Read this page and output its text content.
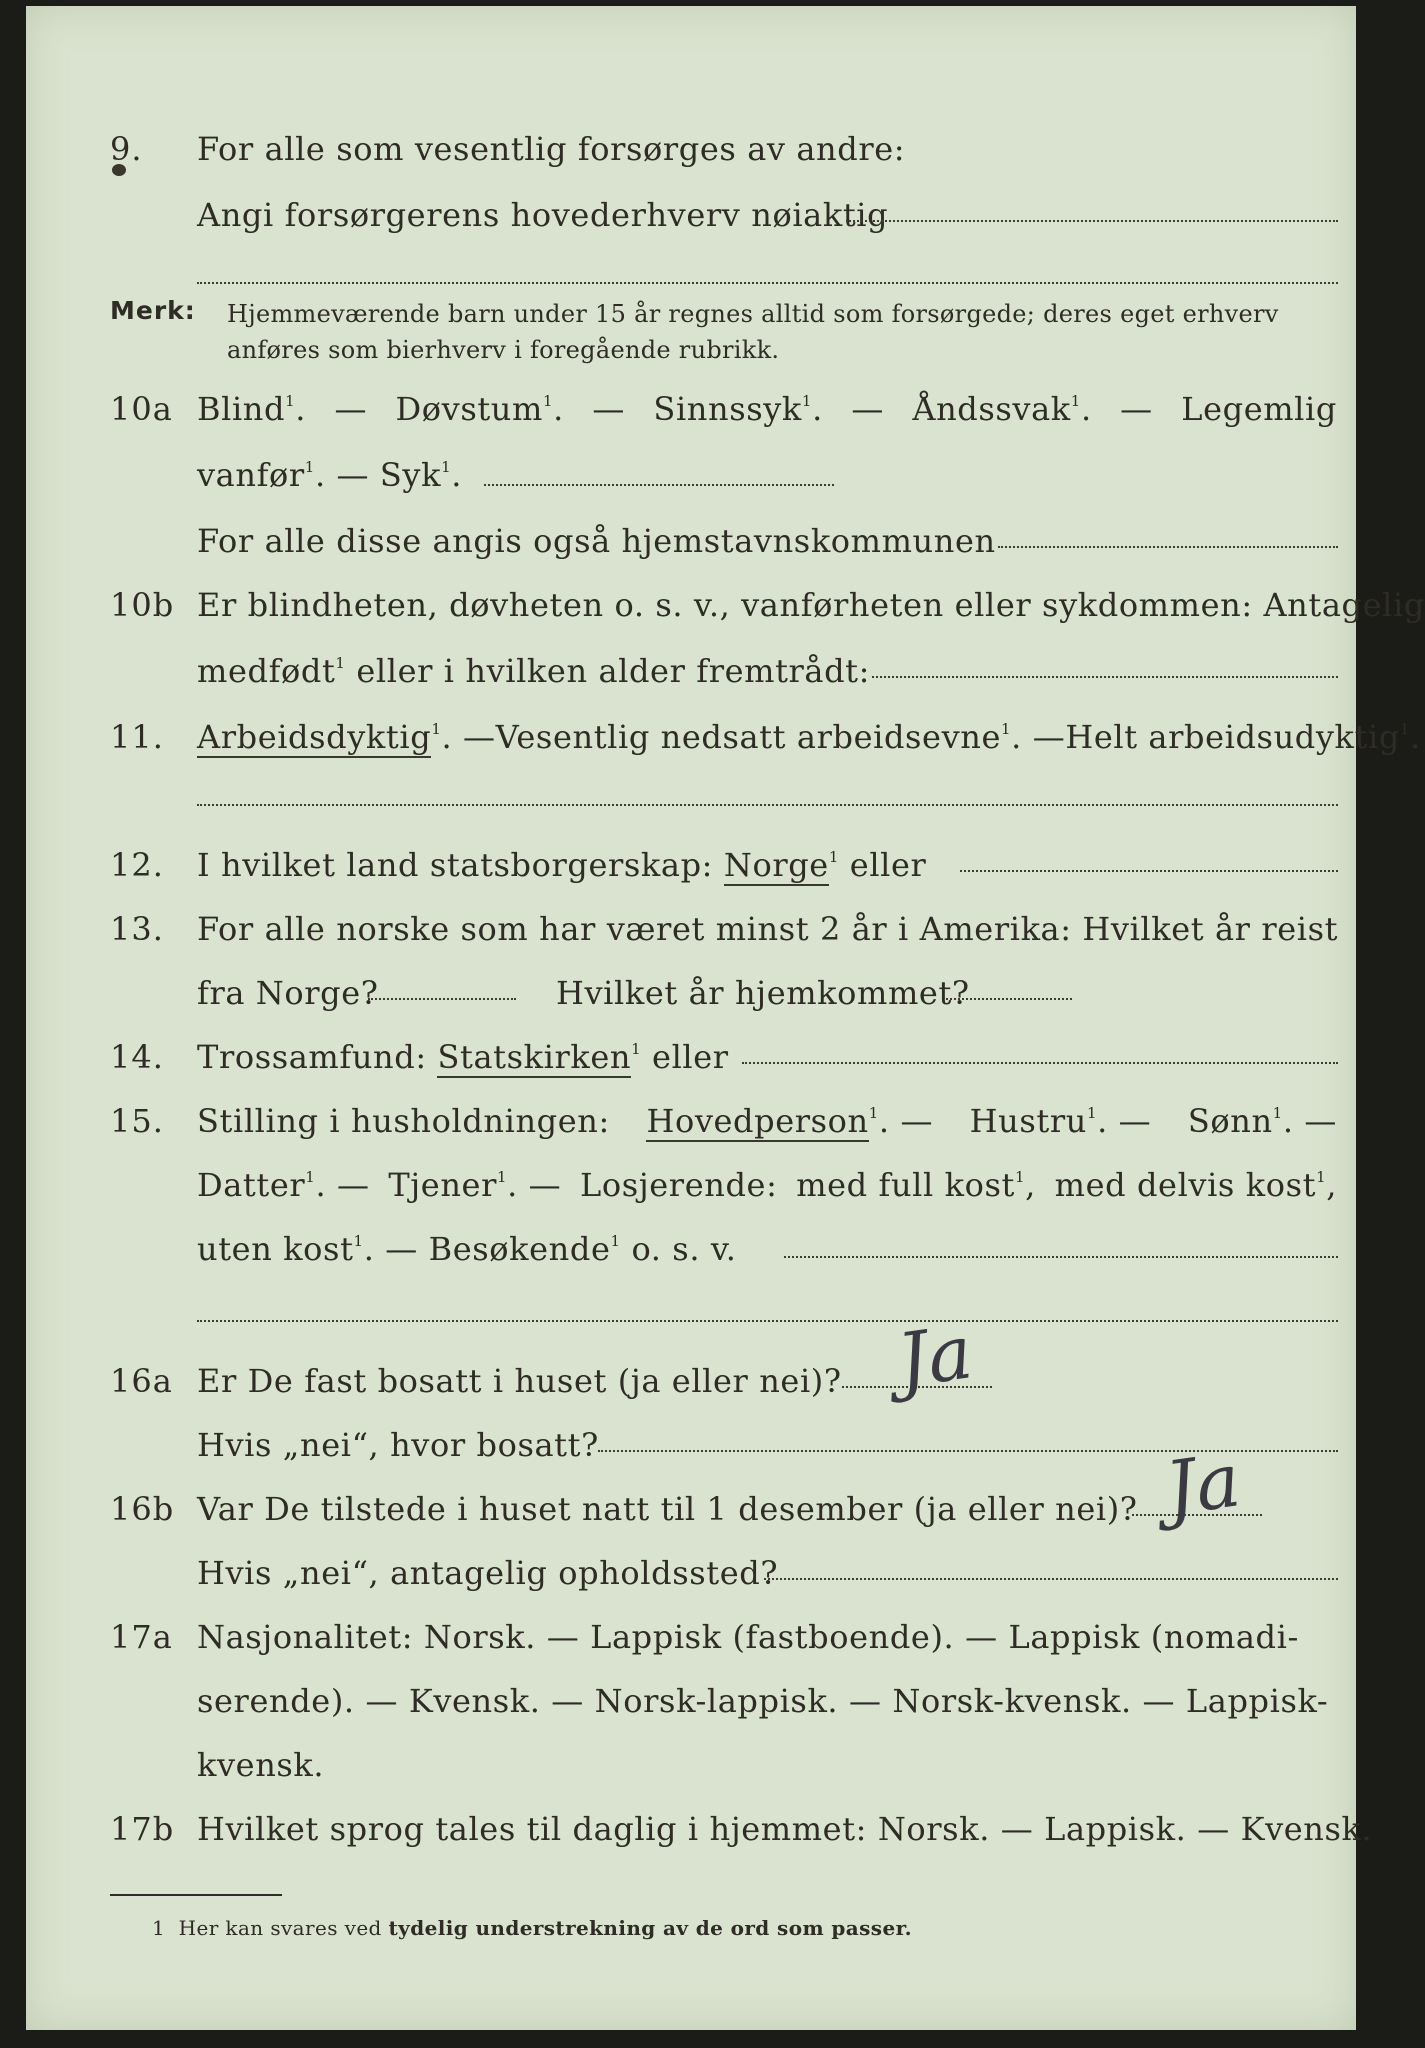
9. For alle som vesentlig forsørges av andre:
Angi forsørgerens hovederhverv nøiaktig
Merk: Hjemmeværende barn under 15 år regnes alltid som forsørgede; deres eget erhverv anføres som bierhverv i foregående rubrikk.
10a Blind$^1$. — Døvstum$^1$. — Sinnssyk$^1$. — Åndssvak$^1$. — Legemlig
vanfør$^1$. — Syk$^1$.
For alle disse angis også hjemstavnskommunen
10b Er blindheten, døvheten o. s. v., vanførheten eller sykdommen: Antagelig
medfødt$^1$ eller i hvilken alder fremtrådt:
11. Arbeidsdyktig$^1$. —Vesentlig nedsatt arbeidsevne$^1$. —Helt arbeidsudyktig$^1$.
12. I hvilket land statsborgerskap: Norge$^1$ eller
13. For alle norske som har været minst 2 år i Amerika: Hvilket år reist
fra Norge?	Hvilket år hjemkommet?
14. Trossamfund: Statskirken$^1$ eller
15. Stilling i husholdningen: Hovedperson$^1$. — Hustru$^1$. — Sønn$^1$. —
Datter$^1$. — Tjener$^1$. — Losjerende: med full kost$^1$, med delvis kost$^1$,
uten kost$^1$. — Besøkende$^1$ o. s. v.
16a Er De fast bosatt i huset (ja eller nei)? Ja
Hvis „nei“, hvor bosatt?
16b Var De tilstede i huset natt til 1 desember (ja eller nei)? Ja
Hvis „nei“, antagelig opholdssted?
17a Nasjonalitet: Norsk. — Lappisk (fastboende). — Lappisk (nomadi-
serende). — Kvensk. — Norsk-lappisk. — Norsk-kvensk. — Lappisk-
kvensk.
17b Hvilket sprog tales til daglig i hjemmet: Norsk. — Lappisk. — Kvensk.
1 Her kan svares ved tydelig understrekning av de ord som passer.
